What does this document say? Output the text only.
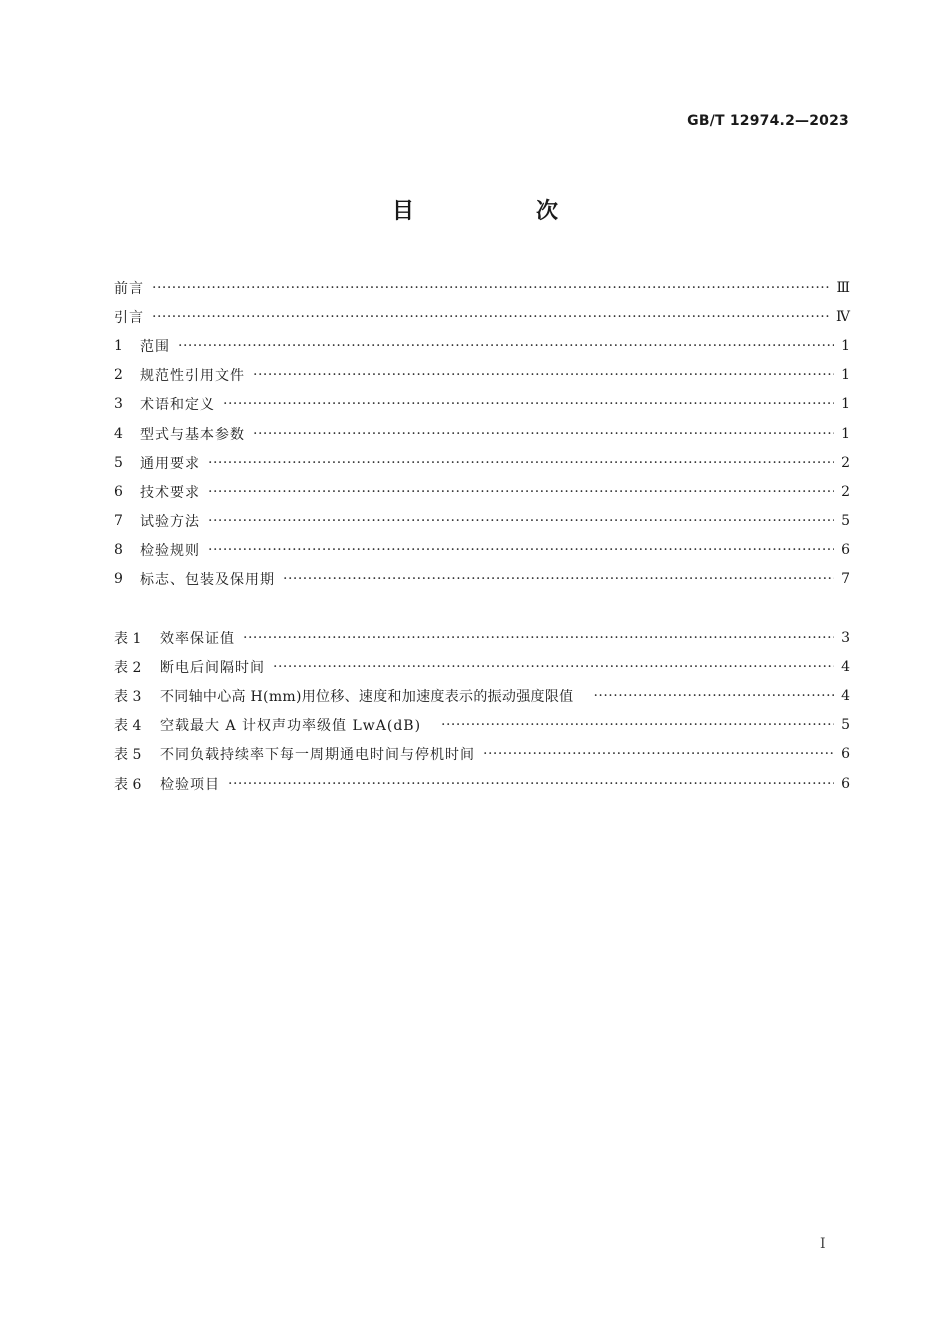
GB/T 12974.2—2023
目　次
前言 ·····	Ⅲ
引言 ·····	Ⅳ
1	范围 ·····	1
2	规范性引用文件 ·····	1
3	术语和定义 ·····	1
4	型式与基本参数 ·····	1
5	通用要求 ·····	2
6	技术要求 ·····	2
7	试验方法 ·····	5
8	检验规则 ·····	6
9	标志、包装及保用期 ·····	7
表 1	效率保证值 ·····	3
表 2	断电后间隔时间 ·····	4
表 3	不同轴中心高 H(mm)用位移、速度和加速度表示的振动强度限值 ·····	4
表 4	空载最大 A 计权声功率级值 LwA(dB) ·····	5
表 5	不同负载持续率下每一周期通电时间与停机时间 ·····	6
表 6	检验项目 ·····	6
I
